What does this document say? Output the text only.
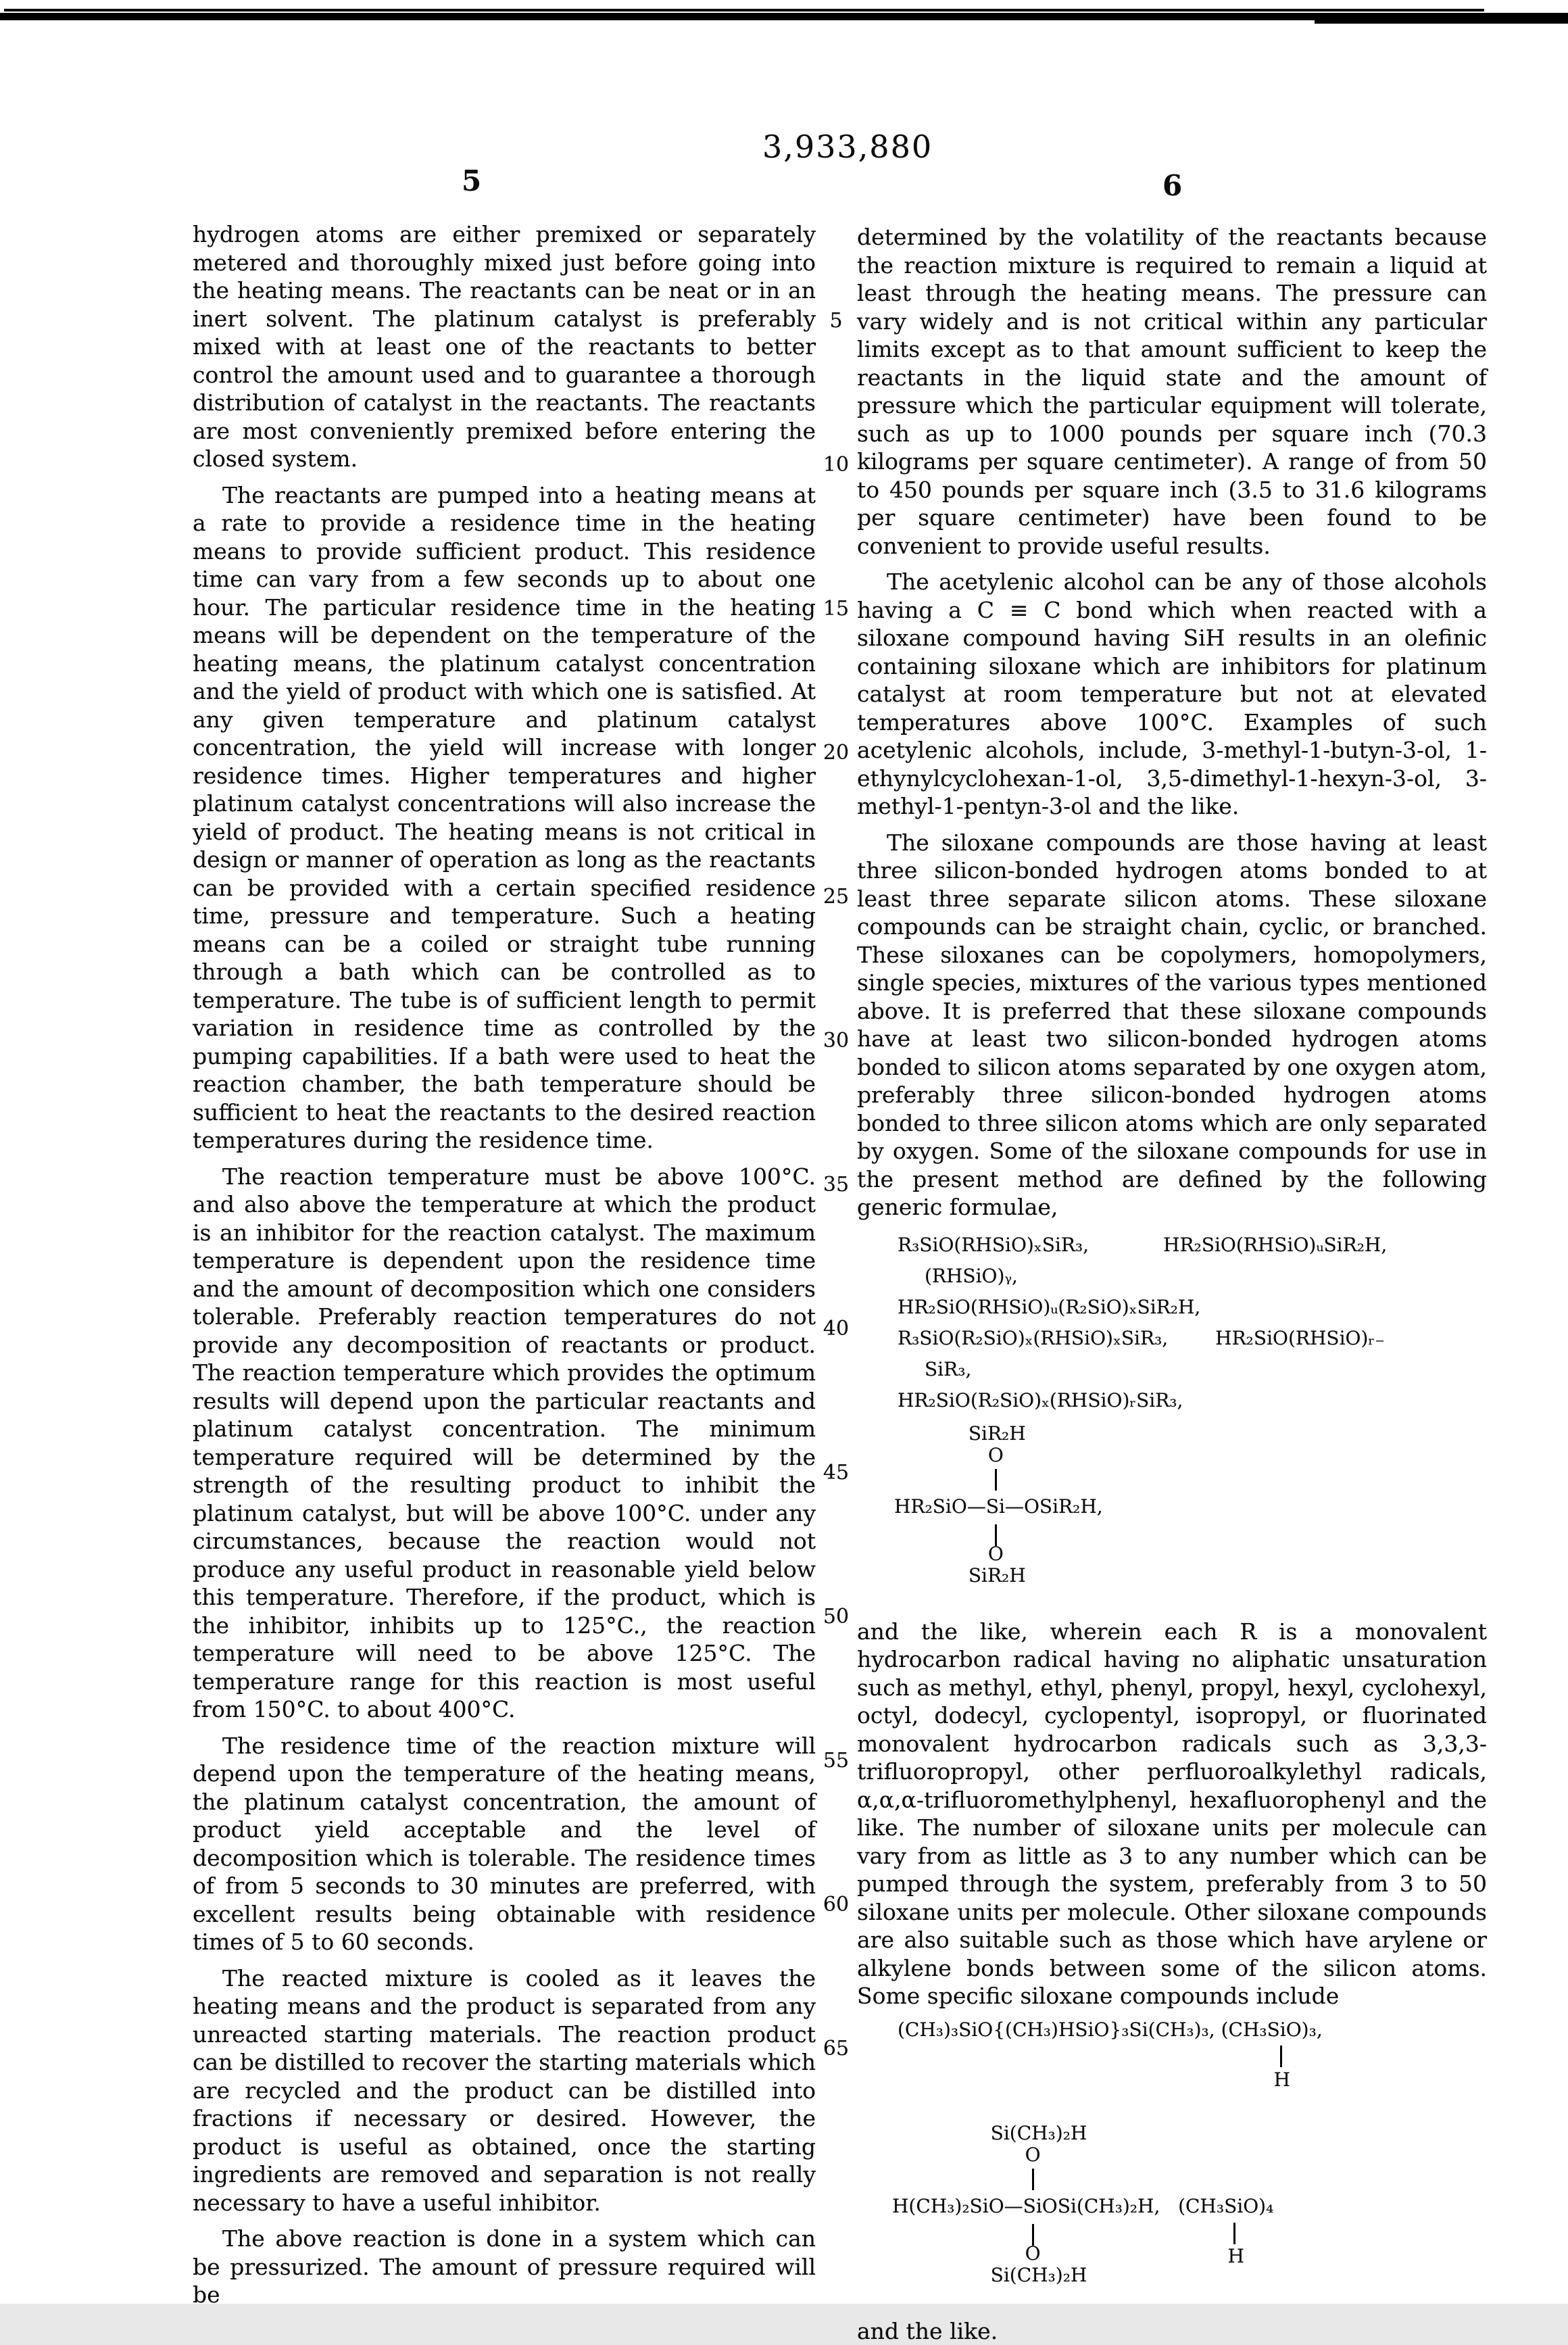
3,933,880
5	6
5
10
15
20
25
30
35
40
45
50
55
60
65

hydrogen atoms are either premixed or separately metered and thoroughly mixed just before going into the heating means. The reactants can be neat or in an inert solvent. The platinum catalyst is preferably mixed with at least one of the reactants to better control the amount used and to guarantee a thorough distribution of catalyst in the reactants. The reactants are most conveniently premixed before entering the closed system.

The reactants are pumped into a heating means at a rate to provide a residence time in the heating means to provide sufficient product. This residence time can vary from a few seconds up to about one hour. The particular residence time in the heating means will be dependent on the temperature of the heating means, the platinum catalyst concentration and the yield of product with which one is satisfied. At any given temperature and platinum catalyst concentration, the yield will increase with longer residence times. Higher temperatures and higher platinum catalyst concentrations will also increase the yield of product. The heating means is not critical in design or manner of operation as long as the reactants can be provided with a certain specified residence time, pressure and temperature. Such a heating means can be a coiled or straight tube running through a bath which can be controlled as to temperature. The tube is of sufficient length to permit variation in residence time as controlled by the pumping capabilities. If a bath were used to heat the reaction chamber, the bath temperature should be sufficient to heat the reactants to the desired reaction temperatures during the residence time.

The reaction temperature must be above 100°C. and also above the temperature at which the product is an inhibitor for the reaction catalyst. The maximum temperature is dependent upon the residence time and the amount of decomposition which one considers tolerable. Preferably reaction temperatures do not provide any decomposition of reactants or product. The reaction temperature which provides the optimum results will depend upon the particular reactants and platinum catalyst concentration. The minimum temperature required will be determined by the strength of the resulting product to inhibit the platinum catalyst, but will be above 100°C. under any circumstances, because the reaction would not produce any useful product in reasonable yield below this temperature. Therefore, if the product, which is the inhibitor, inhibits up to 125°C., the reaction temperature will need to be above 125°C. The temperature range for this reaction is most useful from 150°C. to about 400°C.

The residence time of the reaction mixture will depend upon the temperature of the heating means, the platinum catalyst concentration, the amount of product yield acceptable and the level of decomposition which is tolerable. The residence times of from 5 seconds to 30 minutes are preferred, with excellent results being obtainable with residence times of 5 to 60 seconds.

The reacted mixture is cooled as it leaves the heating means and the product is separated from any unreacted starting materials. The reaction product can be distilled to recover the starting materials which are recycled and the product can be distilled into fractions if necessary or desired. However, the product is useful as obtained, once the starting ingredients are removed and separation is not really necessary to have a useful inhibitor.

The above reaction is done in a system which can be pressurized. The amount of pressure required will be

determined by the volatility of the reactants because the reaction mixture is required to remain a liquid at least through the heating means. The pressure can vary widely and is not critical within any particular limits except as to that amount sufficient to keep the reactants in the liquid state and the amount of pressure which the particular equipment will tolerate, such as up to 1000 pounds per square inch (70.3 kilograms per square centimeter). A range of from 50 to 450 pounds per square inch (3.5 to 31.6 kilograms per square centimeter) have been found to be convenient to provide useful results.

The acetylenic alcohol can be any of those alcohols having a C ≡ C bond which when reacted with a siloxane compound having SiH results in an olefinic containing siloxane which are inhibitors for platinum catalyst at room temperature but not at elevated temperatures above 100°C. Examples of such acetylenic alcohols, include, 3-methyl-1-butyn-3-ol, 1-ethynylcyclohexan-1-ol, 3,5-dimethyl-1-hexyn-3-ol, 3-methyl-1-pentyn-3-ol and the like.

The siloxane compounds are those having at least three silicon-bonded hydrogen atoms bonded to at least three separate silicon atoms. These siloxane compounds can be straight chain, cyclic, or branched. These siloxanes can be copolymers, homopolymers, single species, mixtures of the various types mentioned above. It is preferred that these siloxane compounds have at least two silicon-bonded hydrogen atoms bonded to silicon atoms separated by one oxygen atom, preferably three silicon-bonded hydrogen atoms bonded to three silicon atoms which are only separated by oxygen. Some of the siloxane compounds for use in the present method are defined by the following generic formulae,

R₃SiO(RHSiO)ₓSiR₃,	HR₂SiO(RHSiO)ᵤSiR₂H,
(RHSiO)ᵧ,
HR₂SiO(RHSiO)ᵤ(R₂SiO)ₓSiR₂H,
R₃SiO(R₂SiO)ₓ(RHSiO)ₓSiR₃,	HR₂SiO(RHSiO)ᵣ₋
SiR₃,
HR₂SiO(R₂SiO)ₓ(RHSiO)ᵣSiR₃,
HR₂SiO—Si
O
SiR₂H
O
SiR₂H
—OSiR₂H,

and the like, wherein each R is a monovalent hydrocarbon radical having no aliphatic unsaturation such as methyl, ethyl, phenyl, propyl, hexyl, cyclohexyl, octyl, dodecyl, cyclopentyl, isopropyl, or fluorinated monovalent hydrocarbon radicals such as 3,3,3-trifluoropropyl, other perfluoroalkylethyl radicals, α,α,α-trifluoromethylphenyl, hexafluorophenyl and the like. The number of siloxane units per molecule can vary from as little as 3 to any number which can be pumped through the system, preferably from 3 to 50 siloxane units per molecule. Other siloxane compounds are also suitable such as those which have arylene or alkylene bonds between some of the silicon atoms. Some specific siloxane compounds include

(CH₃)₃SiO{(CH₃)HSiO}₃Si(CH₃)₃, (CH₃SiO)₃,
H
H(CH₃)₂SiO—Si
O
Si(CH₃)₂H
O
Si(CH₃)₂H
OSi(CH₃)₂H, (CH₃SiO)₄
H

and the like.
